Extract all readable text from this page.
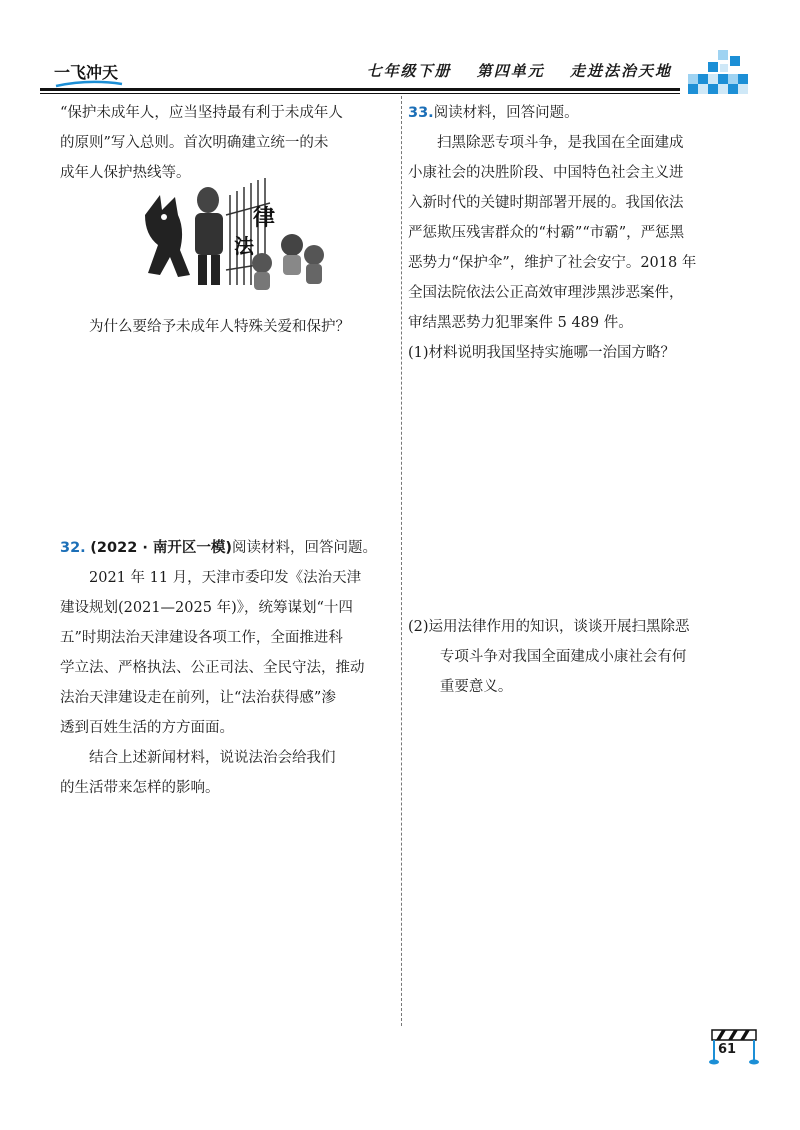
一飞冲天	七年级下册 第四单元 走进法治天地

“保护未成年人，应当坚持最有利于未成年人

的原则”写入总则。首次明确建立统一的未

成年人保护热线等。

法
律

为什么要给予未成年人特殊关爱和保护？

32. (2022 · 南开区一模)阅读材料，回答问题。

2021 年 11 月，天津市委印发《法治天津

建设规划(2021—2025 年)》，统筹谋划“十四

五”时期法治天津建设各项工作，全面推进科

学立法、严格执法、公正司法、全民守法，推动

法治天津建设走在前列，让“法治获得感”渗

透到百姓生活的方方面面。

结合上述新闻材料，说说法治会给我们

的生活带来怎样的影响。

33.阅读材料，回答问题。

扫黑除恶专项斗争，是我国在全面建成

小康社会的决胜阶段、中国特色社会主义进

入新时代的关键时期部署开展的。我国依法

严惩欺压残害群众的“村霸”“市霸”，严惩黑

恶势力“保护伞”，维护了社会安宁。2018 年

全国法院依法公正高效审理涉黑涉恶案件，

审结黑恶势力犯罪案件 5 489 件。

(1)材料说明我国坚持实施哪一治国方略？

(2)运用法律作用的知识，谈谈开展扫黑除恶

专项斗争对我国全面建成小康社会有何

重要意义。

61
